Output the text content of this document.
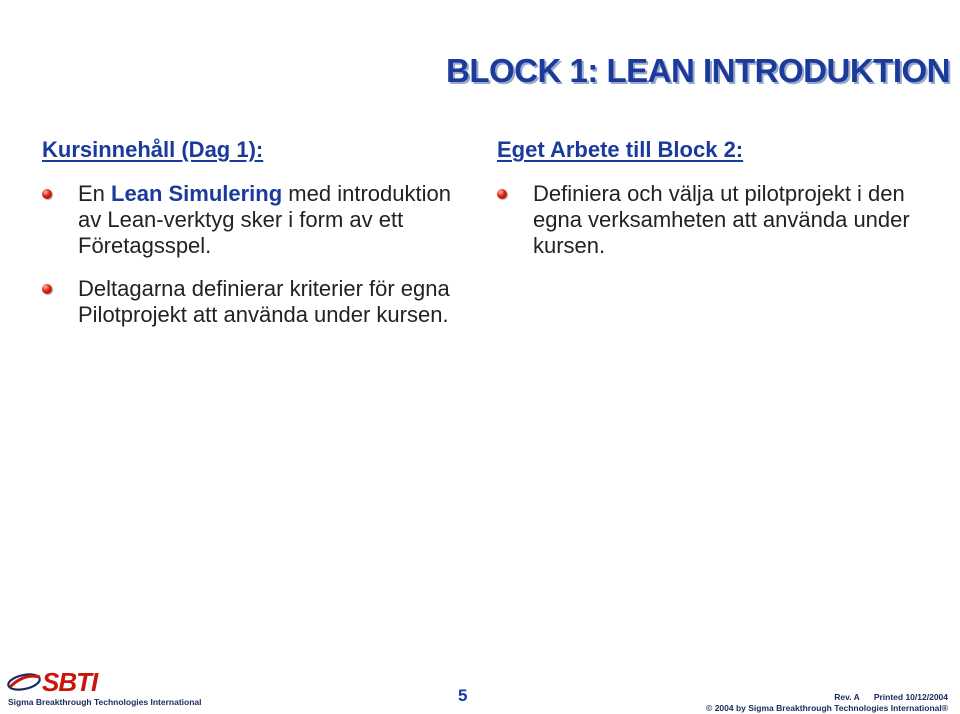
BLOCK 1: LEAN INTRODUKTION
Kursinnehåll (Dag 1):
En Lean Simulering med introduktion av Lean-verktyg sker i form av ett Företagsspel.
Deltagarna definierar kriterier för egna Pilotprojekt att använda under kursen.
Eget Arbete till Block 2:
Definiera och välja ut pilotprojekt i den egna verksamheten att använda under kursen.
SBTI
Sigma Breakthrough Technologies International	5	Rev. A Printed 10/12/2004
© 2004 by Sigma Breakthrough Technologies International®
